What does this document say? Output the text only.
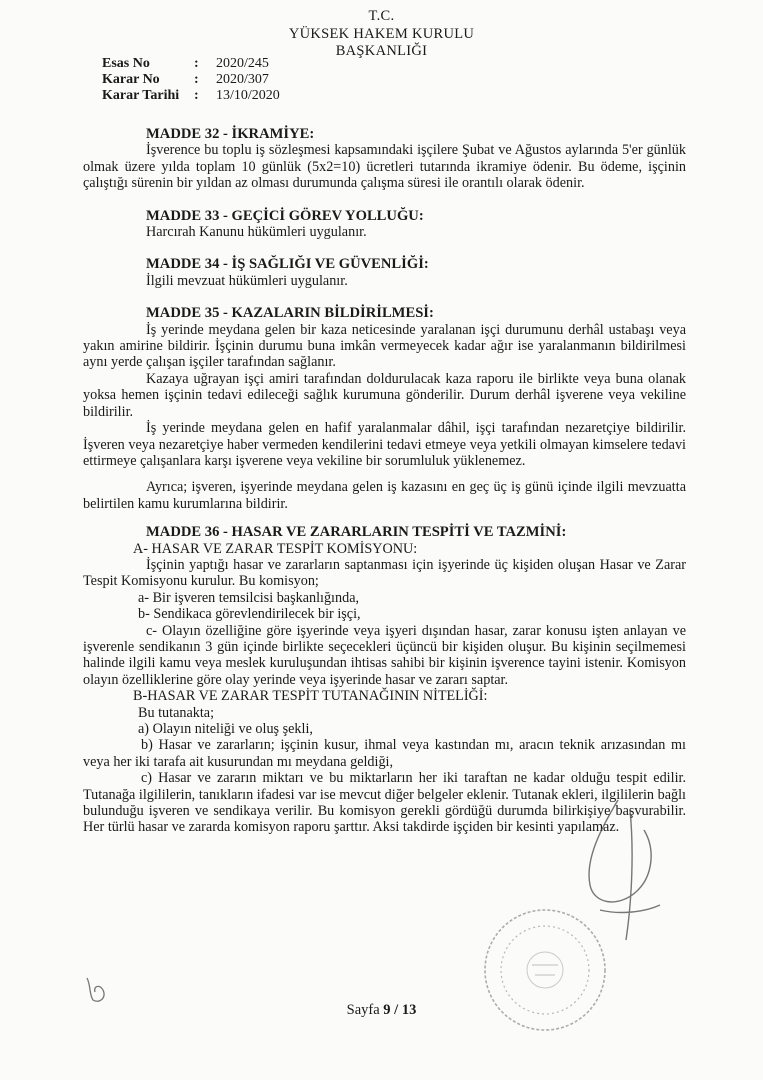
T.C.
YÜKSEK HAKEM KURULU
BAŞKANLIĞI
Esas No	:	2020/245
Karar No	:	2020/307
Karar Tarihi	:	13/10/2020
MADDE 32 - İKRAMİYE:
İşverence bu toplu iş sözleşmesi kapsamındaki işçilere Şubat ve Ağustos aylarında 5'er günlük olmak üzere yılda toplam 10 günlük (5x2=10) ücretleri tutarında ikramiye ödenir. Bu ödeme, işçinin çalıştığı sürenin bir yıldan az olması durumunda çalışma süresi ile orantılı olarak ödenir.
MADDE 33 - GEÇİCİ GÖREV YOLLUĞU:
Harcırah Kanunu hükümleri uygulanır.
MADDE 34 - İŞ SAĞLIĞI VE GÜVENLİĞİ:
İlgili mevzuat hükümleri uygulanır.
MADDE 35 - KAZALARIN BİLDİRİLMESİ:
İş yerinde meydana gelen bir kaza neticesinde yaralanan işçi durumunu derhâl ustabaşı veya yakın amirine bildirir. İşçinin durumu buna imkân vermeyecek kadar ağır ise yaralanmanın bildirilmesi aynı yerde çalışan işçiler tarafından sağlanır.
Kazaya uğrayan işçi amiri tarafından doldurulacak kaza raporu ile birlikte veya buna olanak yoksa hemen işçinin tedavi edileceği sağlık kurumuna gönderilir. Durum derhâl işverene veya vekiline bildirilir.
İş yerinde meydana gelen en hafif yaralanmalar dâhil, işçi tarafından nezaretçiye bildirilir. İşveren veya nezaretçiye haber vermeden kendilerini tedavi etmeye veya yetkili olmayan kimselere tedavi ettirmeye çalışanlara karşı işverene veya vekiline bir sorumluluk yüklenemez.
Ayrıca; işveren, işyerinde meydana gelen iş kazasını en geç üç iş günü içinde ilgili mevzuatta belirtilen kamu kurumlarına bildirir.
MADDE 36 - HASAR VE ZARARLARIN TESPİTİ VE TAZMİNİ:
A- HASAR VE ZARAR TESPİT KOMİSYONU:
İşçinin yaptığı hasar ve zararların saptanması için işyerinde üç kişiden oluşan Hasar ve Zarar Tespit Komisyonu kurulur. Bu komisyon;
a- Bir işveren temsilcisi başkanlığında,
b- Sendikaca görevlendirilecek bir işçi,
c- Olayın özelliğine göre işyerinde veya işyeri dışından hasar, zarar konusu işten anlayan ve işverenle sendikanın 3 gün içinde birlikte seçecekleri üçüncü bir kişiden oluşur. Bu kişinin seçilmemesi halinde ilgili kamu veya meslek kuruluşundan ihtisas sahibi bir kişinin işverence tayini istenir. Komisyon olayın özelliklerine göre olay yerinde veya işyerinde hasar ve zararı saptar.
B-HASAR VE ZARAR TESPİT TUTANAĞININ NİTELİĞİ:
Bu tutanakta;
a) Olayın niteliği ve oluş şekli,
b) Hasar ve zararların; işçinin kusur, ihmal veya kastından mı, aracın teknik arızasından mı veya her iki tarafa ait kusurundan mı meydana geldiği,
c) Hasar ve zararın miktarı ve bu miktarların her iki taraftan ne kadar olduğu tespit edilir. Tutanağa ilgililerin, tanıkların ifadesi var ise mevcut diğer belgeler eklenir. Tutanak ekleri, ilgililerin bağlı bulunduğu işveren ve sendikaya verilir. Bu komisyon gerekli gördüğü durumda bilirkişiye başvurabilir. Her türlü hasar ve zararda komisyon raporu şarttır. Aksi takdirde işçiden bir kesinti yapılamaz.
Sayfa 9 / 13
